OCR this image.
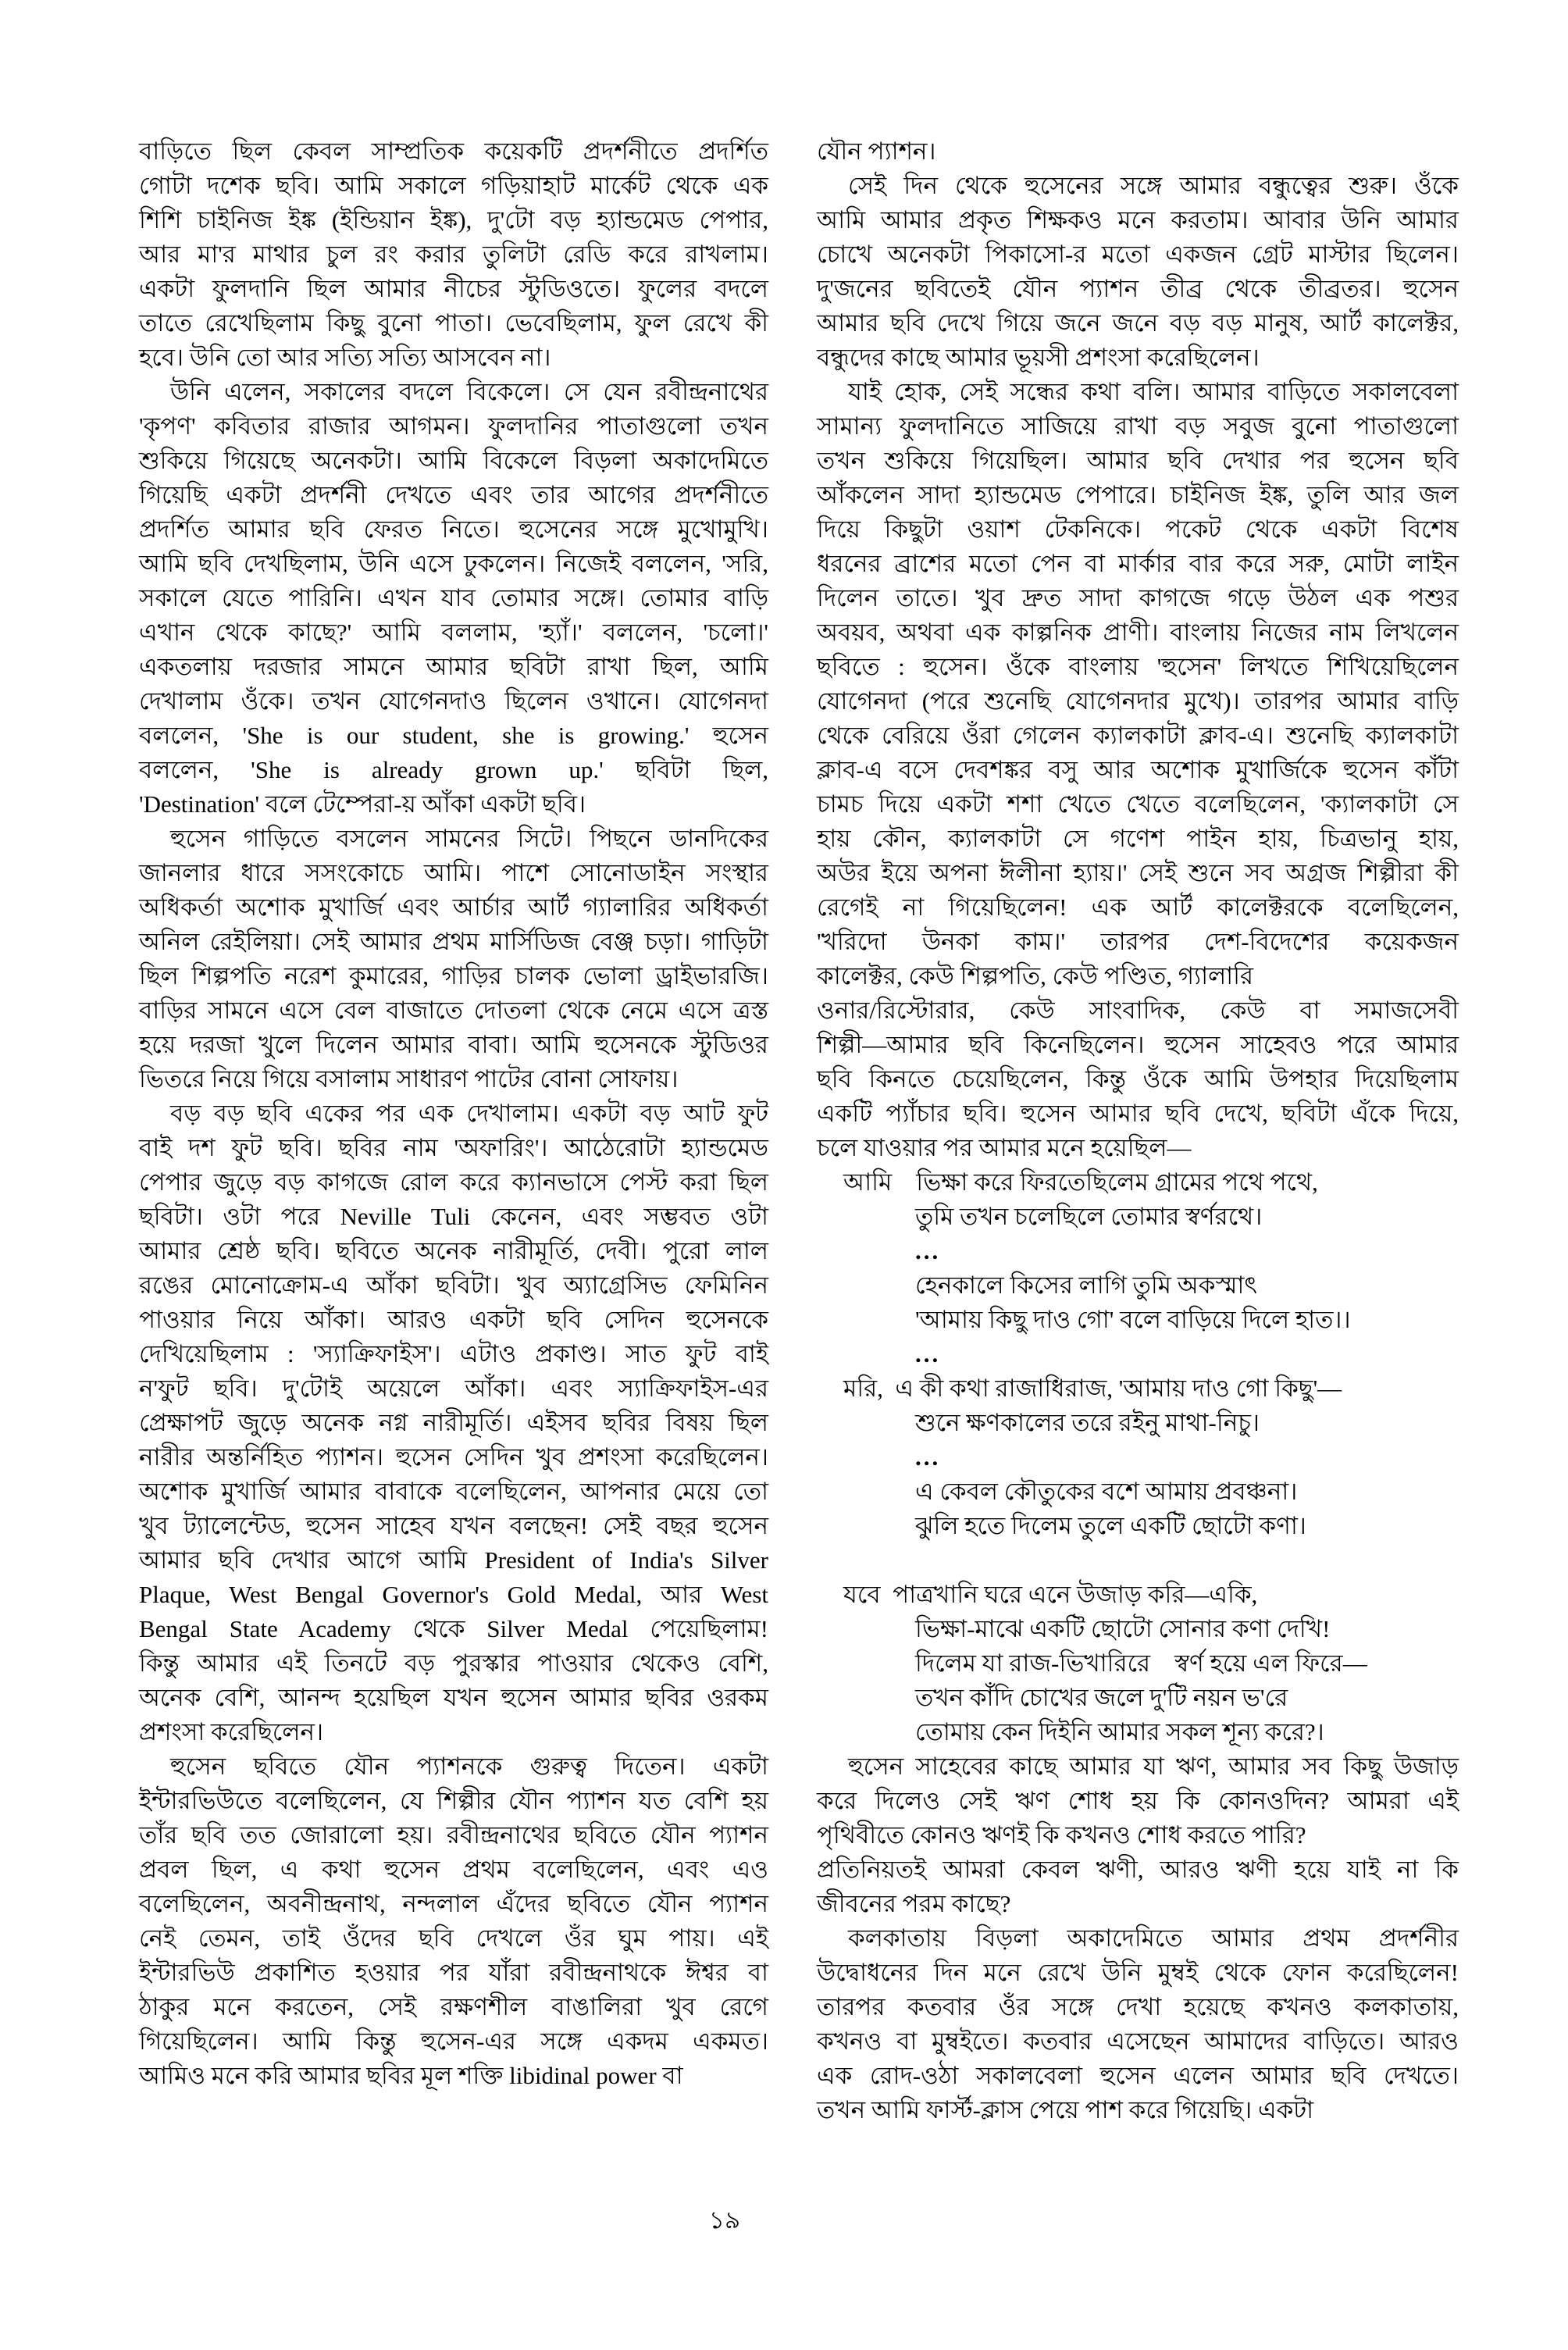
বাড়িতে ছিল কেবল সাম্প্রতিক কয়েকটি প্রদর্শনীতে প্রদর্শিত
গোটা দশেক ছবি। আমি সকালে গড়িয়াহাট মার্কেট থেকে এক
শিশি চাইনিজ ইঙ্ক (ইন্ডিয়ান ইঙ্ক), দু'টো বড় হ্যান্ডমেড পেপার,
আর মা'র মাথার চুল রং করার তুলিটা রেডি করে রাখলাম।
একটা ফুলদানি ছিল আমার নীচের স্টুডিওতে। ফুলের বদলে
তাতে রেখেছিলাম কিছু বুনো পাতা। ভেবেছিলাম, ফুল রেখে কী
হবে। উনি তো আর সত্যি সত্যি আসবেন না।
উনি এলেন, সকালের বদলে বিকেলে। সে যেন রবীন্দ্রনাথের
'কৃপণ' কবিতার রাজার আগমন। ফুলদানির পাতাগুলো তখন
শুকিয়ে গিয়েছে অনেকটা। আমি বিকেলে বিড়লা অকাদেমিতে
গিয়েছি একটা প্রদর্শনী দেখতে এবং তার আগের প্রদর্শনীতে
প্রদর্শিত আমার ছবি ফেরত নিতে। হুসেনের সঙ্গে মুখোমুখি।
আমি ছবি দেখছিলাম, উনি এসে ঢুকলেন। নিজেই বললেন, 'সরি,
সকালে যেতে পারিনি। এখন যাব তোমার সঙ্গে। তোমার বাড়ি
এখান থেকে কাছে?' আমি বললাম, 'হ্যাঁ।' বললেন, 'চলো।'
একতলায় দরজার সামনে আমার ছবিটা রাখা ছিল, আমি
দেখালাম ওঁকে। তখন যোগেনদাও ছিলেন ওখানে। যোগেনদা
বললেন, 'She is our student, she is growing.' হুসেন
বললেন, 'She is already grown up.' ছবিটা ছিল,
'Destination' বলে টেম্পেরা-য় আঁকা একটা ছবি।
হুসেন গাড়িতে বসলেন সামনের সিটে। পিছনে ডানদিকের
জানলার ধারে সসংকোচে আমি। পাশে সোনোডাইন সংস্থার
অধিকর্তা অশোক মুখার্জি এবং আর্চার আর্ট গ্যালারির অধিকর্তা
অনিল রেইলিয়া। সেই আমার প্রথম মার্সিডিজ বেঞ্জ চড়া। গাড়িটা
ছিল শিল্পপতি নরেশ কুমারের, গাড়ির চালক ভোলা ড্রাইভারজি।
বাড়ির সামনে এসে বেল বাজাতে দোতলা থেকে নেমে এসে ত্রস্ত
হয়ে দরজা খুলে দিলেন আমার বাবা। আমি হুসেনকে স্টুডিওর
ভিতরে নিয়ে গিয়ে বসালাম সাধারণ পাটের বোনা সোফায়।
বড় বড় ছবি একের পর এক দেখালাম। একটা বড় আট ফুট
বাই দশ ফুট ছবি। ছবির নাম 'অফারিং'। আঠেরোটা হ্যান্ডমেড
পেপার জুড়ে বড় কাগজে রোল করে ক্যানভাসে পেস্ট করা ছিল
ছবিটা। ওটা পরে Neville Tuli কেনেন, এবং সম্ভবত ওটা
আমার শ্রেষ্ঠ ছবি। ছবিতে অনেক নারীমূর্তি, দেবী। পুরো লাল
রঙের মোনোক্রোম-এ আঁকা ছবিটা। খুব অ্যাগ্রেসিভ ফেমিনিন
পাওয়ার নিয়ে আঁকা। আরও একটা ছবি সেদিন হুসেনকে
দেখিয়েছিলাম : 'স্যাক্রিফাইস'। এটাও প্রকাণ্ড। সাত ফুট বাই
ন'ফুট ছবি। দু'টোই অয়েলে আঁকা। এবং স্যাক্রিফাইস-এর
প্রেক্ষাপট জুড়ে অনেক নগ্ন নারীমূর্তি। এইসব ছবির বিষয় ছিল
নারীর অন্তর্নিহিত প্যাশন। হুসেন সেদিন খুব প্রশংসা করেছিলেন।
অশোক মুখার্জি আমার বাবাকে বলেছিলেন, আপনার মেয়ে তো
খুব ট্যালেন্টেড, হুসেন সাহেব যখন বলছেন! সেই বছর হুসেন
আমার ছবি দেখার আগে আমি President of India's Silver
Plaque, West Bengal Governor's Gold Medal, আর West
Bengal State Academy থেকে Silver Medal পেয়েছিলাম!
কিন্তু আমার এই তিনটে বড় পুরস্কার পাওয়ার থেকেও বেশি,
অনেক বেশি, আনন্দ হয়েছিল যখন হুসেন আমার ছবির ওরকম
প্রশংসা করেছিলেন।
হুসেন ছবিতে যৌন প্যাশনকে গুরুত্ব দিতেন। একটা
ইন্টারভিউতে বলেছিলেন, যে শিল্পীর যৌন প্যাশন যত বেশি হয়
তাঁর ছবি তত জোরালো হয়। রবীন্দ্রনাথের ছবিতে যৌন প্যাশন
প্রবল ছিল, এ কথা হুসেন প্রথম বলেছিলেন, এবং এও
বলেছিলেন, অবনীন্দ্রনাথ, নন্দলাল এঁদের ছবিতে যৌন প্যাশন
নেই তেমন, তাই ওঁদের ছবি দেখলে ওঁর ঘুম পায়। এই
ইন্টারভিউ প্রকাশিত হওয়ার পর যাঁরা রবীন্দ্রনাথকে ঈশ্বর বা
ঠাকুর মনে করতেন, সেই রক্ষণশীল বাঙালিরা খুব রেগে
গিয়েছিলেন। আমি কিন্তু হুসেন-এর সঙ্গে একদম একমত।
আমিও মনে করি আমার ছবির মূল শক্তি libidinal power বা
যৌন প্যাশন।
সেই দিন থেকে হুসেনের সঙ্গে আমার বন্ধুত্বের শুরু। ওঁকে
আমি আমার প্রকৃত শিক্ষকও মনে করতাম। আবার উনি আমার
চোখে অনেকটা পিকাসো-র মতো একজন গ্রেট মাস্টার ছিলেন।
দু'জনের ছবিতেই যৌন প্যাশন তীব্র থেকে তীব্রতর। হুসেন
আমার ছবি দেখে গিয়ে জনে জনে বড় বড় মানুষ, আর্ট কালেক্টর,
বন্ধুদের কাছে আমার ভূয়সী প্রশংসা করেছিলেন।
যাই হোক, সেই সন্ধের কথা বলি। আমার বাড়িতে সকালবেলা
সামান্য ফুলদানিতে সাজিয়ে রাখা বড় সবুজ বুনো পাতাগুলো
তখন শুকিয়ে গিয়েছিল। আমার ছবি দেখার পর হুসেন ছবি
আঁকলেন সাদা হ্যান্ডমেড পেপারে। চাইনিজ ইঙ্ক, তুলি আর জল
দিয়ে কিছুটা ওয়াশ টেকনিকে। পকেট থেকে একটা বিশেষ
ধরনের ব্রাশের মতো পেন বা মার্কার বার করে সরু, মোটা লাইন
দিলেন তাতে। খুব দ্রুত সাদা কাগজে গড়ে উঠল এক পশুর
অবয়ব, অথবা এক কাল্পনিক প্রাণী। বাংলায় নিজের নাম লিখলেন
ছবিতে : হুসেন। ওঁকে বাংলায় 'হুসেন' লিখতে শিখিয়েছিলেন
যোগেনদা (পরে শুনেছি যোগেনদার মুখে)। তারপর আমার বাড়ি
থেকে বেরিয়ে ওঁরা গেলেন ক্যালকাটা ক্লাব-এ। শুনেছি ক্যালকাটা
ক্লাব-এ বসে দেবশঙ্কর বসু আর অশোক মুখার্জিকে হুসেন কাঁটা
চামচ দিয়ে একটা শশা খেতে খেতে বলেছিলেন, 'ক্যালকাটা সে
হায় কৌন, ক্যালকাটা সে গণেশ পাইন হায়, চিত্রভানু হায়,
অউর ইয়ে অপনা ঈলীনা হ্যায়।' সেই শুনে সব অগ্রজ শিল্পীরা কী
রেগেই না গিয়েছিলেন! এক আর্ট কালেক্টরকে বলেছিলেন,
'খরিদো উনকা কাম।' তারপর দেশ-বিদেশের কয়েকজন
কালেক্টর, কেউ শিল্পপতি, কেউ পণ্ডিত, গ্যালারি
ওনার/রিস্টোরার, কেউ সাংবাদিক, কেউ বা সমাজসেবী
শিল্পী—আমার ছবি কিনেছিলেন। হুসেন সাহেবও পরে আমার
ছবি কিনতে চেয়েছিলেন, কিন্তু ওঁকে আমি উপহার দিয়েছিলাম
একটি প্যাঁচার ছবি। হুসেন আমার ছবি দেখে, ছবিটা এঁকে দিয়ে,
চলে যাওয়ার পর আমার মনে হয়েছিল—
আমি ভিক্ষা করে ফিরতেছিলেম গ্রামের পথে পথে,
তুমি তখন চলেছিলে তোমার স্বর্ণরথে।
...
হেনকালে কিসের লাগি তুমি অকস্মাৎ
'আমায় কিছু দাও গো' বলে বাড়িয়ে দিলে হাত।।
...
মরি, এ কী কথা রাজাধিরাজ, 'আমায় দাও গো কিছু'—
শুনে ক্ষণকালের তরে রইনু মাথা-নিচু।
...
এ কেবল কৌতুকের বশে আমায় প্রবঞ্চনা।
ঝুলি হতে দিলেম তুলে একটি ছোটো কণা।
যবে পাত্রখানি ঘরে এনে উজাড় করি—একি,
ভিক্ষা-মাঝে একটি ছোটো সোনার কণা দেখি!
দিলেম যা রাজ-ভিখারিরে স্বর্ণ হয়ে এল ফিরে—
তখন কাঁদি চোখের জলে দু'টি নয়ন ভ'রে
তোমায় কেন দিইনি আমার সকল শূন্য করে?।
হুসেন সাহেবের কাছে আমার যা ঋণ, আমার সব কিছু উজাড়
করে দিলেও সেই ঋণ শোধ হয় কি কোনওদিন? আমরা এই
পৃথিবীতে কোনও ঋণই কি কখনও শোধ করতে পারি?
প্রতিনিয়তই আমরা কেবল ঋণী, আরও ঋণী হয়ে যাই না কি
জীবনের পরম কাছে?
কলকাতায় বিড়লা অকাদেমিতে আমার প্রথম প্রদর্শনীর
উদ্বোধনের দিন মনে রেখে উনি মুম্বই থেকে ফোন করেছিলেন!
তারপর কতবার ওঁর সঙ্গে দেখা হয়েছে কখনও কলকাতায়,
কখনও বা মুম্বইতে। কতবার এসেছেন আমাদের বাড়িতে। আরও
এক রোদ-ওঠা সকালবেলা হুসেন এলেন আমার ছবি দেখতে।
তখন আমি ফার্স্ট-ক্লাস পেয়ে পাশ করে গিয়েছি। একটা
১৯
